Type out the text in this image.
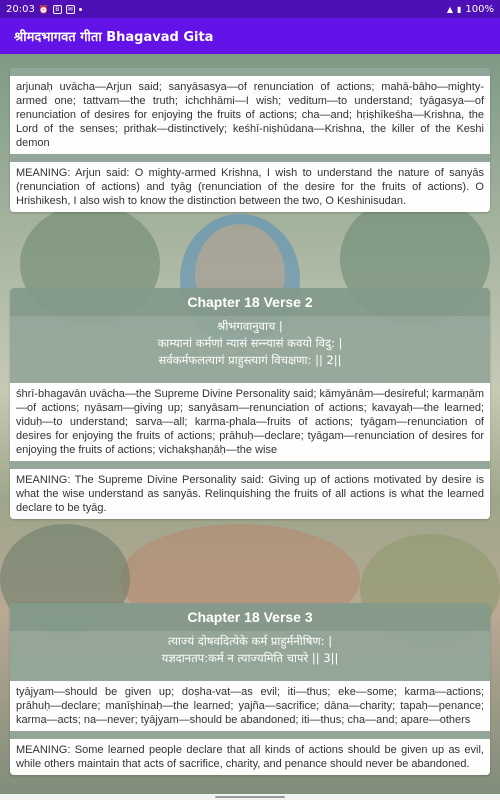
20:03 ⏰	B	✉	▲ ▮ 100%
श्रीमदभागवत गीता Bhagavad Gita
arjunaḥ uvācha—Arjun said; sanyāsasya—of renunciation of actions; mahā-bāho—mighty-armed one; tattvam—the truth; ichchhāmi—I wish; veditum—to understand; tyāgasya—of renunciation of desires for enjoying the fruits of actions; cha—and; hṛiṣhīkeśha—Krishna, the Lord of the senses; prithak—distinctively; keśhī-niṣhūdana—Krishna, the killer of the Keshi demon
MEANING: Arjun said: O mighty-armed Krishna, I wish to understand the nature of sanyās (renunciation of actions) and tyāg (renunciation of the desire for the fruits of actions). O Hrishikesh, I also wish to know the distinction between the two, O Keshinisudan.
Chapter 18 Verse 2
श्रीभगवानुवाच |
काम्यानां कर्मणां न्यासं सन्न्यासं कवयो विदु: |
सर्वकर्मफलत्यागं प्राहुस्त्यागं विचक्षणा: || 2||
śhrī-bhagavān uvācha—the Supreme Divine Personality said; kāmyānām—desireful; karmaṇām—of actions; nyāsam—giving up; sanyāsam—renunciation of actions; kavayaḥ—the learned; viduḥ—to understand; sarva—all; karma-phala—fruits of actions; tyāgam—renunciation of desires for enjoying the fruits of actions; prāhuḥ—declare; tyāgam—renunciation of desires for enjoying the fruits of actions; vichakṣhaṇāḥ—the wise
MEANING: The Supreme Divine Personality said: Giving up of actions motivated by desire is what the wise understand as sanyās. Relinquishing the fruits of all actions is what the learned declare to be tyāg.
Chapter 18 Verse 3
त्याज्यं दोषवदित्येके कर्म प्राहुर्मनीषिण: |
यज्ञदानतप:कर्म न त्याज्यमिति चापरे || 3||
tyājyam—should be given up; doṣha-vat—as evil; iti—thus; eke—some; karma—actions; prāhuḥ—declare; manīṣhiṇaḥ—the learned; yajña—sacrifice; dāna—charity; tapaḥ—penance; karma—acts; na—never; tyājyam—should be abandoned; iti—thus; cha—and; apare—others
MEANING: Some learned people declare that all kinds of actions should be given up as evil, while others maintain that acts of sacrifice, charity, and penance should never be abandoned.
